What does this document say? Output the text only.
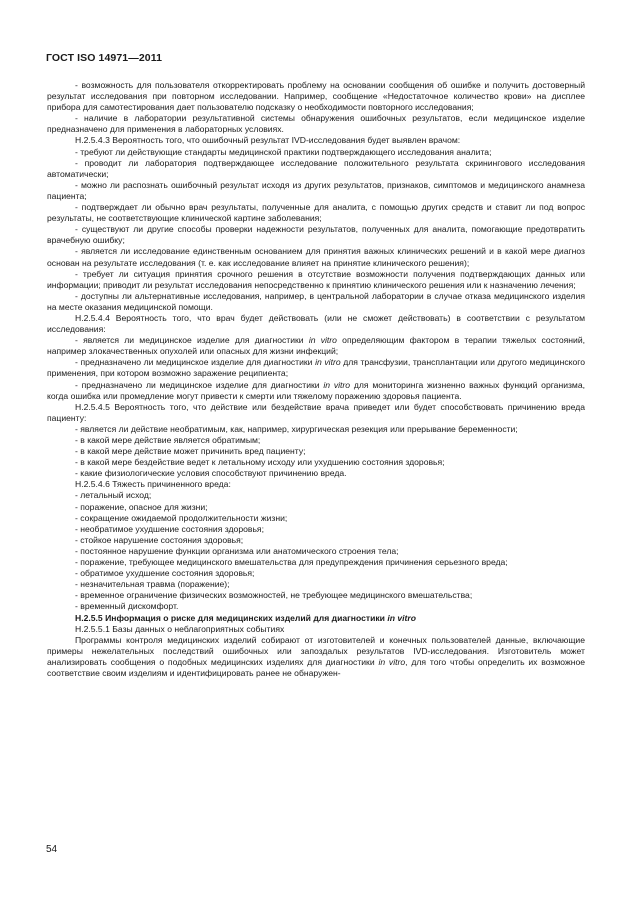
ГОСТ ISO 14971—2011

- возможность для пользователя откорректировать проблему на основании сообщения об ошибке и получить достоверный результат исследования при повторном исследовании. Например, сообщение «Недостаточное количество крови» на дисплее прибора для самотестирования дает пользователю подсказку о необходимости повторного исследования;

- наличие в лаборатории результативной системы обнаружения ошибочных результатов, если медицинское изделие предназначено для применения в лабораторных условиях.

Н.2.5.4.3 Вероятность того, что ошибочный результат IVD-исследования будет выявлен врачом:

- требуют ли действующие стандарты медицинской практики подтверждающего исследования аналита;

- проводит ли лаборатория подтверждающее исследование положительного результата скринингового исследования автоматически;

- можно ли распознать ошибочный результат исходя из других результатов, признаков, симптомов и медицинского анамнеза пациента;

- подтверждает ли обычно врач результаты, полученные для аналита, с помощью других средств и ставит ли под вопрос результаты, не соответствующие клинической картине заболевания;

- существуют ли другие способы проверки надежности результатов, полученных для аналита, помогающие предотвратить врачебную ошибку;

- является ли исследование единственным основанием для принятия важных клинических решений и в какой мере диагноз основан на результате исследования (т. е. как исследование влияет на принятие клинического решения);

- требует ли ситуация принятия срочного решения в отсутствие возможности получения подтверждающих данных или информации; приводит ли результат исследования непосредственно к принятию клинического решения или к назначению лечения;

- доступны ли альтернативные исследования, например, в центральной лаборатории в случае отказа медицинского изделия на месте оказания медицинской помощи.

Н.2.5.4.4 Вероятность того, что врач будет действовать (или не сможет действовать) в соответствии с результатом исследования:

- является ли медицинское изделие для диагностики in vitro определяющим фактором в терапии тяжелых состояний, например злокачественных опухолей или опасных для жизни инфекций;

- предназначено ли медицинское изделие для диагностики in vitro для трансфузии, трансплантации или другого медицинского применения, при котором возможно заражение реципиента;

- предназначено ли медицинское изделие для диагностики in vitro для мониторинга жизненно важных функций организма, когда ошибка или промедление могут привести к смерти или тяжелому поражению здоровья пациента.

Н.2.5.4.5 Вероятность того, что действие или бездействие врача приведет или будет способствовать причинению вреда пациенту:

- является ли действие необратимым, как, например, хирургическая резекция или прерывание беременности;

- в какой мере действие является обратимым;

- в какой мере действие может причинить вред пациенту;

- в какой мере бездействие ведет к летальному исходу или ухудшению состояния здоровья;

- какие физиологические условия способствуют причинению вреда.

Н.2.5.4.6 Тяжесть причиненного вреда:

- летальный исход;

- поражение, опасное для жизни;

- сокращение ожидаемой продолжительности жизни;

- необратимое ухудшение состояния здоровья;

- стойкое нарушение состояния здоровья;

- постоянное нарушение функции организма или анатомического строения тела;

- поражение, требующее медицинского вмешательства для предупреждения причинения серьезного вреда;

- обратимое ухудшение состояния здоровья;

- незначительная травма (поражение);

- временное ограничение физических возможностей, не требующее медицинского вмешательства;

- временный дискомфорт.

Н.2.5.5 Информация о риске для медицинских изделий для диагностики in vitro

Н.2.5.5.1 Базы данных о неблагоприятных событиях

Программы контроля медицинских изделий собирают от изготовителей и конечных пользователей данные, включающие примеры нежелательных последствий ошибочных или запоздалых результатов IVD-исследования. Изготовитель может анализировать сообщения о подобных медицинских изделиях для диагностики in vitro, для того чтобы определить их возможное соответствие своим изделиям и идентифицировать ранее не обнаружен-

54
